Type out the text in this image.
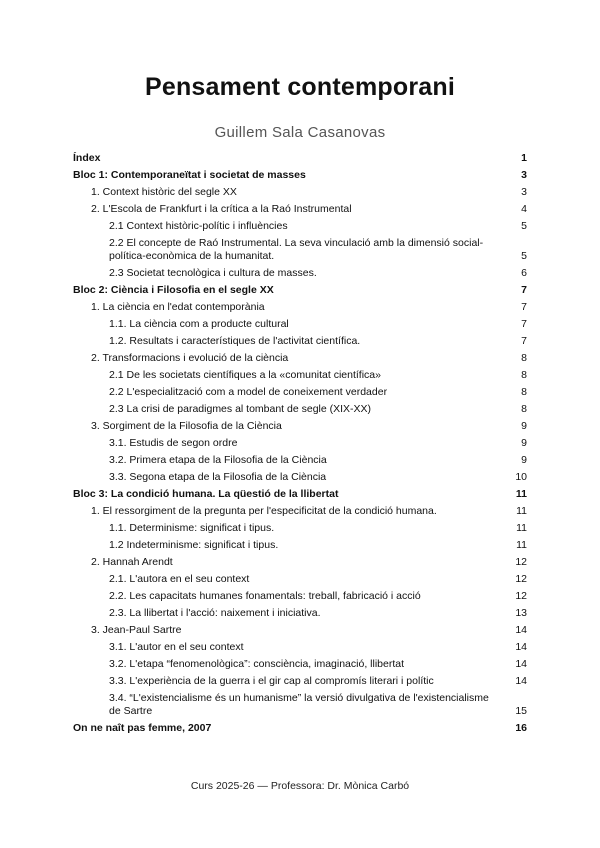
Pensament contemporani
Guillem Sala Casanovas
Índex	1
Bloc 1: Contemporaneïtat i societat de masses	3
1. Context històric del segle XX	3
2. L'Escola de Frankfurt i la crítica a la Raó Instrumental	4
2.1 Context històric-polític i influències	5
2.2 El concepte de Raó Instrumental. La seva vinculació amb la dimensió social-política-econòmica de la humanitat.	5
2.3 Societat tecnològica i cultura de masses.	6
Bloc 2: Ciència i Filosofia en el segle XX	7
1. La ciència en l'edat contemporània	7
1.1. La ciència com a producte cultural	7
1.2. Resultats i característiques de l'activitat científica.	7
2. Transformacions i evolució de la ciència	8
2.1 De les societats científiques a la «comunitat científica»	8
2.2 L'especialització com a model de coneixement verdader	8
2.3 La crisi de paradigmes al tombant de segle (XIX-XX)	8
3. Sorgiment de la Filosofia de la Ciència	9
3.1. Estudis de segon ordre	9
3.2. Primera etapa de la Filosofia de la Ciència	9
3.3. Segona etapa de la Filosofia de la Ciència	10
Bloc 3: La condició humana. La qüestió de la llibertat	11
1. El ressorgiment de la pregunta per l'especificitat de la condició humana.	11
1.1. Determinisme: significat i tipus.	11
1.2 Indeterminisme: significat i tipus.	11
2. Hannah Arendt	12
2.1. L'autora en el seu context	12
2.2. Les capacitats humanes fonamentals: treball, fabricació i acció	12
2.3. La llibertat i l'acció: naixement i iniciativa.	13
3. Jean-Paul Sartre	14
3.1. L'autor en el seu context	14
3.2. L'etapa “fenomenològica”: consciència, imaginació, llibertat	14
3.3. L'experiència de la guerra i el gir cap al compromís literari i polític	14
3.4. “L'existencialisme és un humanisme” la versió divulgativa de l'existencialisme de Sartre	15
On ne naît pas femme, 2007	16
Curs 2025-26 — Professora: Dr. Mònica Carbó
